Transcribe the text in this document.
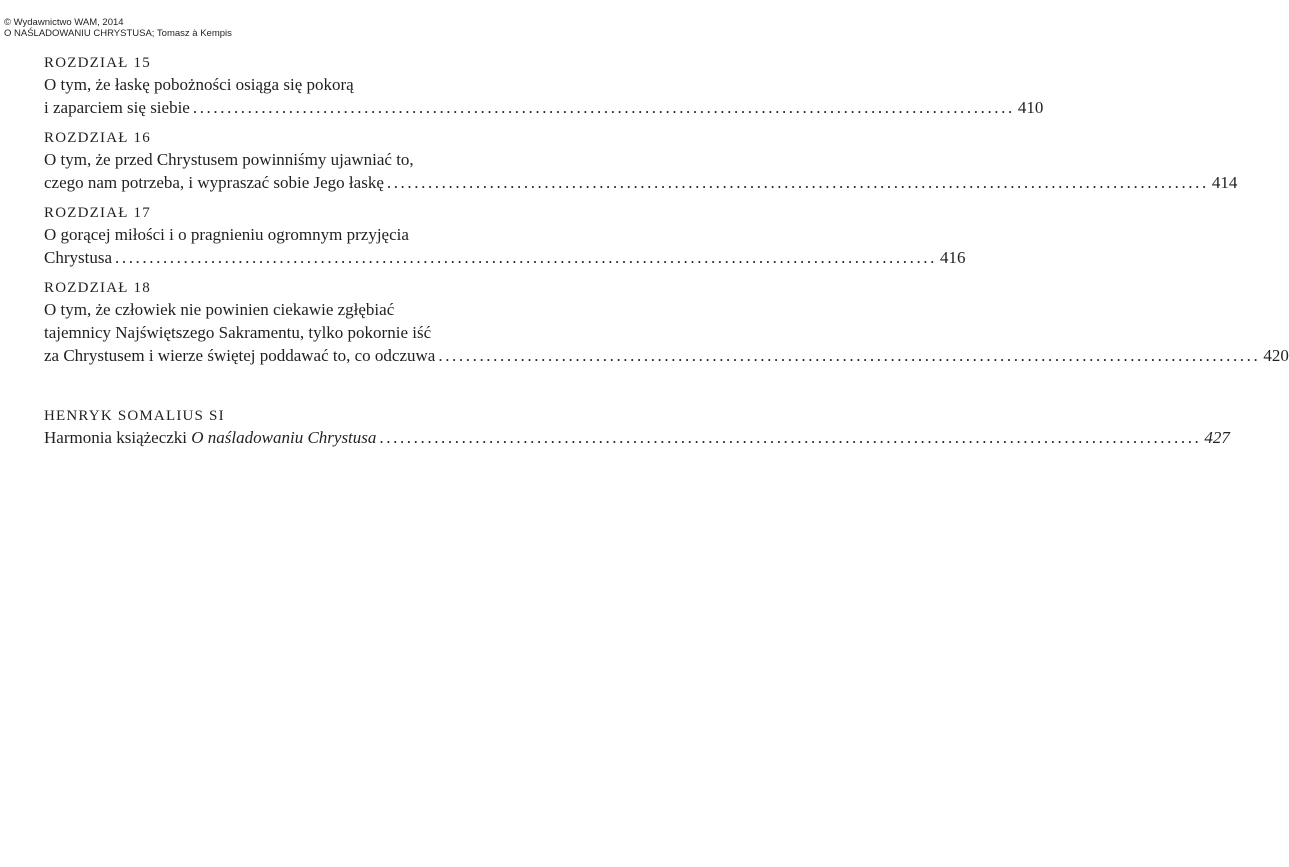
© Wydawnictwo WAM, 2014
O NAŚLADOWANIU CHRYSTUSA; Tomasz à Kempis
ROZDZIAŁ 15
O tym, że łaskę pobożności osiąga się pokorą
i zaparciem się siebie ........................................................................................................................ 410
ROZDZIAŁ 16
O tym, że przed Chrystusem powinniśmy ujawniać to,
czego nam potrzeba, i wypraszać sobie Jego łaskę ........................................................................................................................ 414
ROZDZIAŁ 17
O gorącej miłości i o pragnieniu ogromnym przyjęcia
Chrystusa ........................................................................................................................ 416
ROZDZIAŁ 18
O tym, że człowiek nie powinien ciekawie zgłębiać
tajemnicy Najświętszego Sakramentu, tylko pokornie iść
za Chrystusem i wierze świętej poddawać to, co odczuwa ........................................................................................................................ 420
HENRYK SOMALIUS SI
Harmonia książeczki O naśladowaniu Chrystusa ........................................................................................................................ 427
